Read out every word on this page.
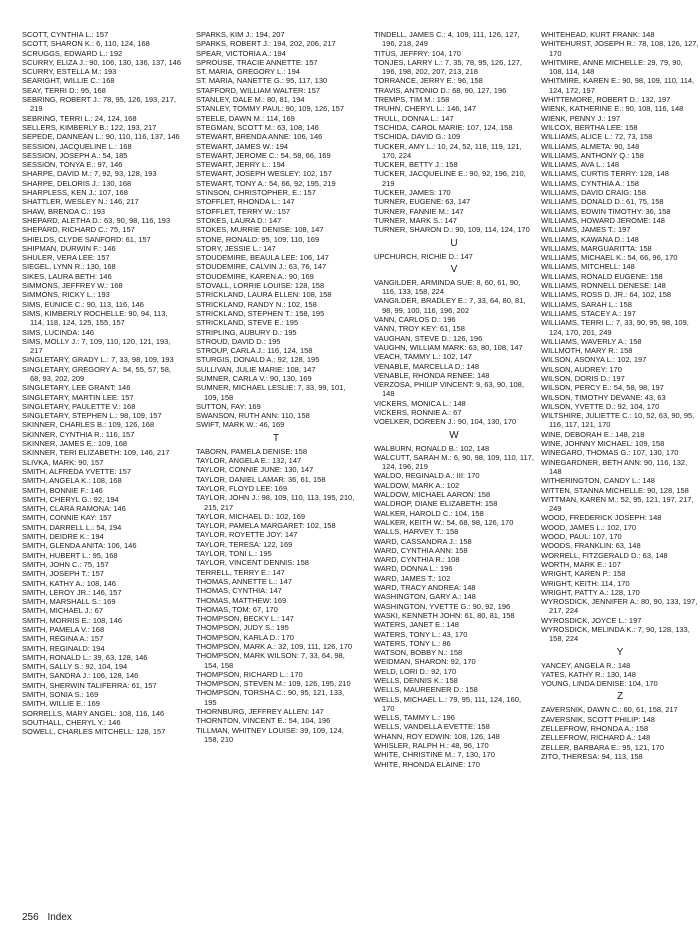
SCOTT, CYNTHIA L.: 157
SCOTT, SHARON K.: 6, 110, 124, 168
SCRUGGS, EDWARD L.: 192
SCURRY, ELIZA J.: 90, 106, 130, 136, 137, 146
SCURRY, ESTELLA M.: 193
SEARIGHT, WILLIE C.: 168
SEAY, TERRI D.: 95, 168
SEBRING, ROBERT J.: 78, 95, 126, 193, 217, 219
SEBRING, TERRI L.: 24, 124, 168
SELLERS, KIMBERLY B.: 122, 193, 217
SEPEDE, DANNEAN L.: 90, 110, 116, 137, 146
SESSION, JACQUELINE L.: 168
SESSION, JOSEPH A.: 54, 185
SESSION, TONYA E.: 97, 146
SHARPE, DAVID M.: 7, 92, 93, 128, 193
SHARPE, DELORIS J.: 130, 168
SHARPLESS, KEN J.: 107, 168
SHATTLER, WESLEY N.: 146, 217
SHAW, BRENDA C.: 193
SHEPARD, ALETHA D.: 63, 90, 98, 116, 193
SHEPARD, RICHARD C.: 75, 157
SHIELDS, CLYDE SANFORD: 61, 157
SHIPMAN, DURWIN F.: 146
SHULER, VERA LEE: 157
SIEGEL, LYNN R.: 130, 168
SIKES, LAURA BETH: 146
SIMMONS, JEFFREY W.: 168
SIMMONS, RICKY L.: 193
SIMS, EUNICE C.: 90, 113, 116, 146
SIMS, KIMBERLY ROCHELLE: 90, 94, 113, 114, 118, 124, 125, 155, 157
SIMS, LUCINDA: 146
SIMS, MOLLY J.: 7, 109, 110, 120, 121, 193, 217
SINGLETARY, GRADY L.: 7, 33, 98, 109, 193
SINGLETARY, GREGORY A.: 54, 55, 57, 58, 68, 93, 202, 209
SINGLETARY, LEE GRANT: 146
SINGLETARY, MARTIN LEE: 157
SINGLETARY, PAULETTE V.: 168
SINGLETARY, STEPHEN L.: 98, 109, 157
SKINNER, CHARLES B.: 109, 126, 168
SKINNER, CYNTHIA R.: 116, 157
SKINNER, JAMES E.: 109, 168
SKINNER, TERI ELIZABETH: 109, 146, 217
SLIVKA, MARK: 90, 157
SMITH, ALFREDA YVETTE: 157
SMITH, ANGELA K.: 108, 168
SMITH, BONNIE F.: 146
SMITH, CHERYL G.: 92, 194
SMITH, CLARA RAMONA: 146
SMITH, CONNIE KAY: 157
SMITH, DARRELL L.: 54, 194
SMITH, DEIDRE K.: 194
SMITH, GLENDA ANITA: 106, 146
SMITH, HUBERT L.: 95, 168
SMITH, JOHN C.: 75, 157
SMITH, JOSEPH T.: 157
SMITH, KATHY A.: 108, 146
SMITH, LEROY JR.: 146, 157
SMITH, MARSHALL S.: 169
SMITH, MICHAEL J.: 67
SMITH, MORRIS E.: 108, 146
SMITH, PAMELA V.: 168
SMITH, REGINA A.: 157
SMITH, REGINALD: 194
SMITH, RONALD L.: 39, 63, 128, 146
SMITH, SALLY S.: 92, 104, 194
SMITH, SANDRA J.: 106, 128, 146
SMITH, SHERWIN TALIFERRA: 61, 157
SMITH, SONIA S.: 169
SMITH, WILLIE E.: 169
SORRELLS, MARY ANGEL: 108, 116, 146
SOUTHALL, CHERYL Y.: 146
SOWELL, CHARLES MITCHELL: 128, 157
SPARKS, KIM J.: 194, 207
SPARKS, ROBERT J.: 194, 202, 206, 217
SPEAR, VICTORIA A.: 194
SPROUSE, TRACIE ANNETTE: 157
ST. MARIA, GREGORY L.: 194
ST. MARIA, NANETTE G.: 95, 117, 130
STAFFORD, WILLIAM WALTER: 157
STANLEY, DALE M.: 80, 81, 194
STANLEY, TOMMY PAUL: 90, 109, 126, 157
STEELE, DAWN M.: 114, 169
STEGMAN, SCOTT M.: 63, 108, 146
STEWART, BRENDA ANNE: 106, 146
STEWART, JAMES W.: 194
STEWART, JEROME C.: 54, 58, 66, 169
STEWART, JERRY L.: 194
STEWART, JOSEPH WESLEY: 102, 157
STEWART, TONY A.: 54, 66, 92, 195, 219
STINSON, CHRISTOPHER, E.: 157
STOFFLET, RHONDA L.: 147
STOFFLET, TERRY W.: 157
STOKES, LAURA D.: 147
STOKES, MURRIE DENISE: 108, 147
STONE, RONALD: 95, 109, 110, 169
STORY, JESSIE L.: 147
STOUDEMIRE, BEAULA LEE: 106, 147
STOUDEMIRE, CALVIN J.: 63, 76, 147
STOUDEMIRE, KAREN A.: 90, 169
STOVALL, LORRIE LOUISE: 128, 158
STRICKLAND, LAURA ELLEN: 108, 158
STRICKLAND, RANDY N.: 102, 158
STRICKLAND, STEPHEN T.: 158, 195
STRICKLAND, STEVE E.: 195
STRIPLING, AUBURY D.: 195
STROUD, DAVID D.: 195
STROUP, CARLA J.: 116, 124, 158
STURGIS, DONALD A.: 92, 128, 195
SULLIVAN, JULIE MARIE: 108, 147
SUMNER, CARLA V.: 90, 130, 169
SUMNER, MICHAEL LESLIE: 7, 33, 99, 101, 109, 158
SUTTON, FAY: 169
SWANSON, RUTH ANN: 110, 158
SWIFT, MARK W.: 46, 169
T
TABORN, PAMELA DENISE: 158
TAYLOR, ANGELA E.: 132, 147
TAYLOR, CONNIE JUNE: 130, 147
TAYLOR, DANIEL LAMAR: 36, 61, 158
TAYLOR, FLOYD LEE: 169
TAYLOR, JOHN J.: 98, 109, 110, 113, 195, 210, 215, 217
TAYLOR, MICHAEL D.: 102, 169
TAYLOR, PAMELA MARGARET: 102, 158
TAYLOR, ROYETTE JOY: 147
TAYLOR, TERESA: 122, 169
TAYLOR, TONI L.: 195
TAYLOR, VINCENT DENNIS: 158
TERRELL, TERRY E.: 147
THOMAS, ANNETTE L.: 147
THOMAS, CYNTHIA: 147
THOMAS, MATTHEW: 169
THOMAS, TOM: 67, 170
THOMPSON, BECKY L.: 147
THOMPSON, JUDY S.: 195
THOMPSON, KARLA D.: 170
THOMPSON, MARK A.: 32, 109, 111, 126, 170
THOMPSON, MARK WILSON: 7, 33, 64, 98, 154, 158
THOMPSON, RICHARD L.: 170
THOMPSON, STEVEN M.: 109, 126, 195, 210
THOMPSON, TORSHA C.: 90, 95, 121, 133, 195
THORNBURG, JEFFREY ALLEN: 147
THORNTON, VINCENT E.: 54, 104, 196
TILLMAN, WHITNEY LOUISE: 39, 109, 124, 158, 210
TINDELL, JAMES C.: 4, 109, 111, 126, 127, 196, 218, 249
TITUS, JEFFRY: 104, 170
TONJES, LARRY L.: 7, 35, 78, 95, 126, 127, 196, 198, 202, 207, 213, 218
TORRANCE, JERRY E.: 96, 158
TRAVIS, ANTONIO D.: 68, 90, 127, 196
TREMPS, TIM M.: 158
TRUHN, CHERYL L.: 146, 147
TRULL, DONNA L.: 147
TSCHIDA, CAROL MARIE: 107, 124, 158
TSCHIDA, DAVID G.: 109
TUCKER, AMY L.: 10, 24, 52, 118, 119, 121, 170, 224
TUCKER, BETTY J.: 158
TUCKER, JACQUELINE E.: 90, 92, 196, 210, 219
TUCKER, JAMES: 170
TURNER, EUGENE: 63, 147
TURNER, FANNIE M.: 147
TURNER, MARK S.: 147
TURNER, SHARON D.: 90, 109, 114, 124, 170
U
UPCHURCH, RICHIE D.: 147
V
VANGILDER, ARMINDA SUE: 8, 60, 61, 90, 116, 133, 158, 224
VANGILDER, BRADLEY E.: 7, 33, 64, 80, 81, 98, 99, 100, 116, 196, 202
VANN, CARLOS D.: 196
VANN, TROY KEY: 61, 158
VAUGHAN, STEVE D.: 126, 196
VAUGHN, WILLIAM MARK: 63, 80, 108, 147
VEACH, TAMMY L.: 102, 147
VENABLE, MARCELLA D.: 148
VENABLE, RHONDA RENEE: 148
VERZOSA, PHILIP VINCENT: 9, 63, 90, 108, 148
VICKERS, MONICA L.: 148
VICKERS, RONNIE A.: 67
VOELKER, DOREEN J.: 90, 104, 130, 170
W
WALBURN, RONALD B.: 102, 148
WALCUTT, SARAH M.: 6, 90, 98, 109, 110, 117, 124, 196, 219
WALDO, REGINALD A.: III: 170
WALDOW, MARK A.: 102
WALDOW, MICHAEL AARON: 158
WALDROP, DIANE ELIZABETH: 158
WALKER, HAROLD C.: 104, 158
WALKER, KEITH W.: 54, 68, 98, 126, 170
WALLS, HARVEY T.: 158
WARD, CASSANDRA J.: 158
WARD, CYNTHIA ANN: 158
WARD, CYNTHIA R.: 108
WARD, DONNA L.: 196
WARD, JAMES T.: 102
WARD, TRACY ANDREA: 148
WASHINGTON, GARY A.: 148
WASHINGTON, YVETTE G.: 90, 92, 196
WASKI, KENNETH JOHN: 61, 80, 81, 158
WATERS, JANET E.: 148
WATERS, TONY L.: 43, 170
WATERS, TONY L.: 86
WATSON, BOBBY N.: 158
WEIDMAN, SHARON: 92, 170
WELD, LORI D.: 92, 170
WELLS, DENNIS K.: 158
WELLS, MAUREENER D.: 158
WELLS, MICHAEL L.: 79, 95, 111, 124, 160, 170
WELLS, TAMMY L.: 196
WELLS, VANDELLA EVETTE: 158
WHANN, ROY EDWIN: 108, 126, 148
WHISLER, RALPH H.: 48, 96, 170
WHITE, CHRISTINE M.: 7, 130, 170
WHITE, RHONDA ELAINE: 170
WHITEHEAD, KURT FRANK: 148
WHITEHURST, JOSEPH R.: 78, 108, 126, 127, 170
WHITMIRE, ANNE MICHELLE: 29, 79, 90, 108, 114, 148
WHITMIRE, KAREN E.: 90, 98, 109, 110, 114, 124, 172, 197
WHITTEMORE, ROBERT D.: 132, 197
WIENK, KATHERINE E.: 90, 108, 116, 148
WIENK, PENNY J.: 197
WILCOX, BERTHA LEE: 158
WILLIAMS, ALICE L.: 72, 73, 158
WILLIAMS, ALMETA: 90, 148
WILLIAMS, ANTHONY Q.: 158
WILLIAMS, AVA L.: 148
WILLIAMS, CURTIS TERRY: 128, 148
WILLIAMS, CYNTHIA A.: 158
WILLIAMS, DAVID CRAIG: 158
WILLIAMS, DONALD D.: 61, 75, 158
WILLIAMS, EDWIN TIMOTHY: 36, 158
WILLIAMS, HOWARD JEROME: 148
WILLIAMS, JAMES T.: 197
WILLIAMS, KAWANA D.: 148
WILLIAMS, MARGUARITTA: 158
WILLIAMS, MICHAEL K.: 54, 66, 96, 170
WILLIAMS, MITCHELL: 148
WILLIAMS, RONALD EUGENE: 158
WILLIAMS, RONNELL DENESE: 148
WILLIAMS, ROSS D. JR.: 64, 102, 158
WILLIAMS, SARAH L.: 158
WILLIAMS, STACEY A.: 197
WILLIAMS, TERRI L.: 7, 33, 90, 95, 98, 109, 124, 170, 201, 249
WILLIAMS, WAVERLY A.: 158
WILLMOTH, MARY R.: 158
WILSON, ASONYA L.: 102, 197
WILSON, AUDREY: 170
WILSON, DORIS D.: 197
WILSON, PERCY E.: 54, 58, 98, 197
WILSON, TIMOTHY DEVANE: 43, 63
WILSON, YVETTE D.: 92, 104, 170
WILTSHIRE, JULIETTE C.: 10, 52, 63, 90, 95, 116, 117, 121, 170
WINE, DEBORAH E.: 148, 218
WINE, JOHNNY MICHAEL: 109, 158
WINEGARD, THOMAS G.: 107, 130, 170
WINEGARDNER, BETH ANN: 90, 116, 132, 148
WITHERINGTON, CANDY L.: 148
WITTEN, STANNA MICHELLE: 90, 128, 158
WITTMAN, KAREN M.: 52, 95, 121, 197, 217, 249
WOOD, FREDERICK JOSEPH: 148
WOOD, JAMES L.: 102, 170
WOOD, PAUL: 107, 170
WOODS, FRANKLIN: 63, 148
WORRELL, FITZGERALD D.: 63, 148
WORTH, MARK E.: 107
WRIGHT, KAREN P.: 158
WRIGHT, KEITH: 114, 170
WRIGHT, PATTY A.: 128, 170
WYROSDICK, JENNIFER A.: 80, 90, 133, 197, 217, 224
WYROSDICK, JOYCE L.: 197
WYROSDICK, MELINDA K.: 7, 90, 128, 133, 158, 224
Y
YANCEY, ANGELA R.: 148
YATES, KATHY R.: 130, 148
YOUNG, LINDA DENISE: 104, 170
Z
ZAVERSNIK, DAWN C.: 60, 61, 158, 217
ZAVERSNIK, SCOTT PHILIP: 148
ZELLEFROW, RHONDA A.: 158
ZELLEFROW, RICHARD A.: 148
ZELLER, BARBARA E.: 95, 121, 170
ZITO, THERESA: 94, 113, 158
256 Index
